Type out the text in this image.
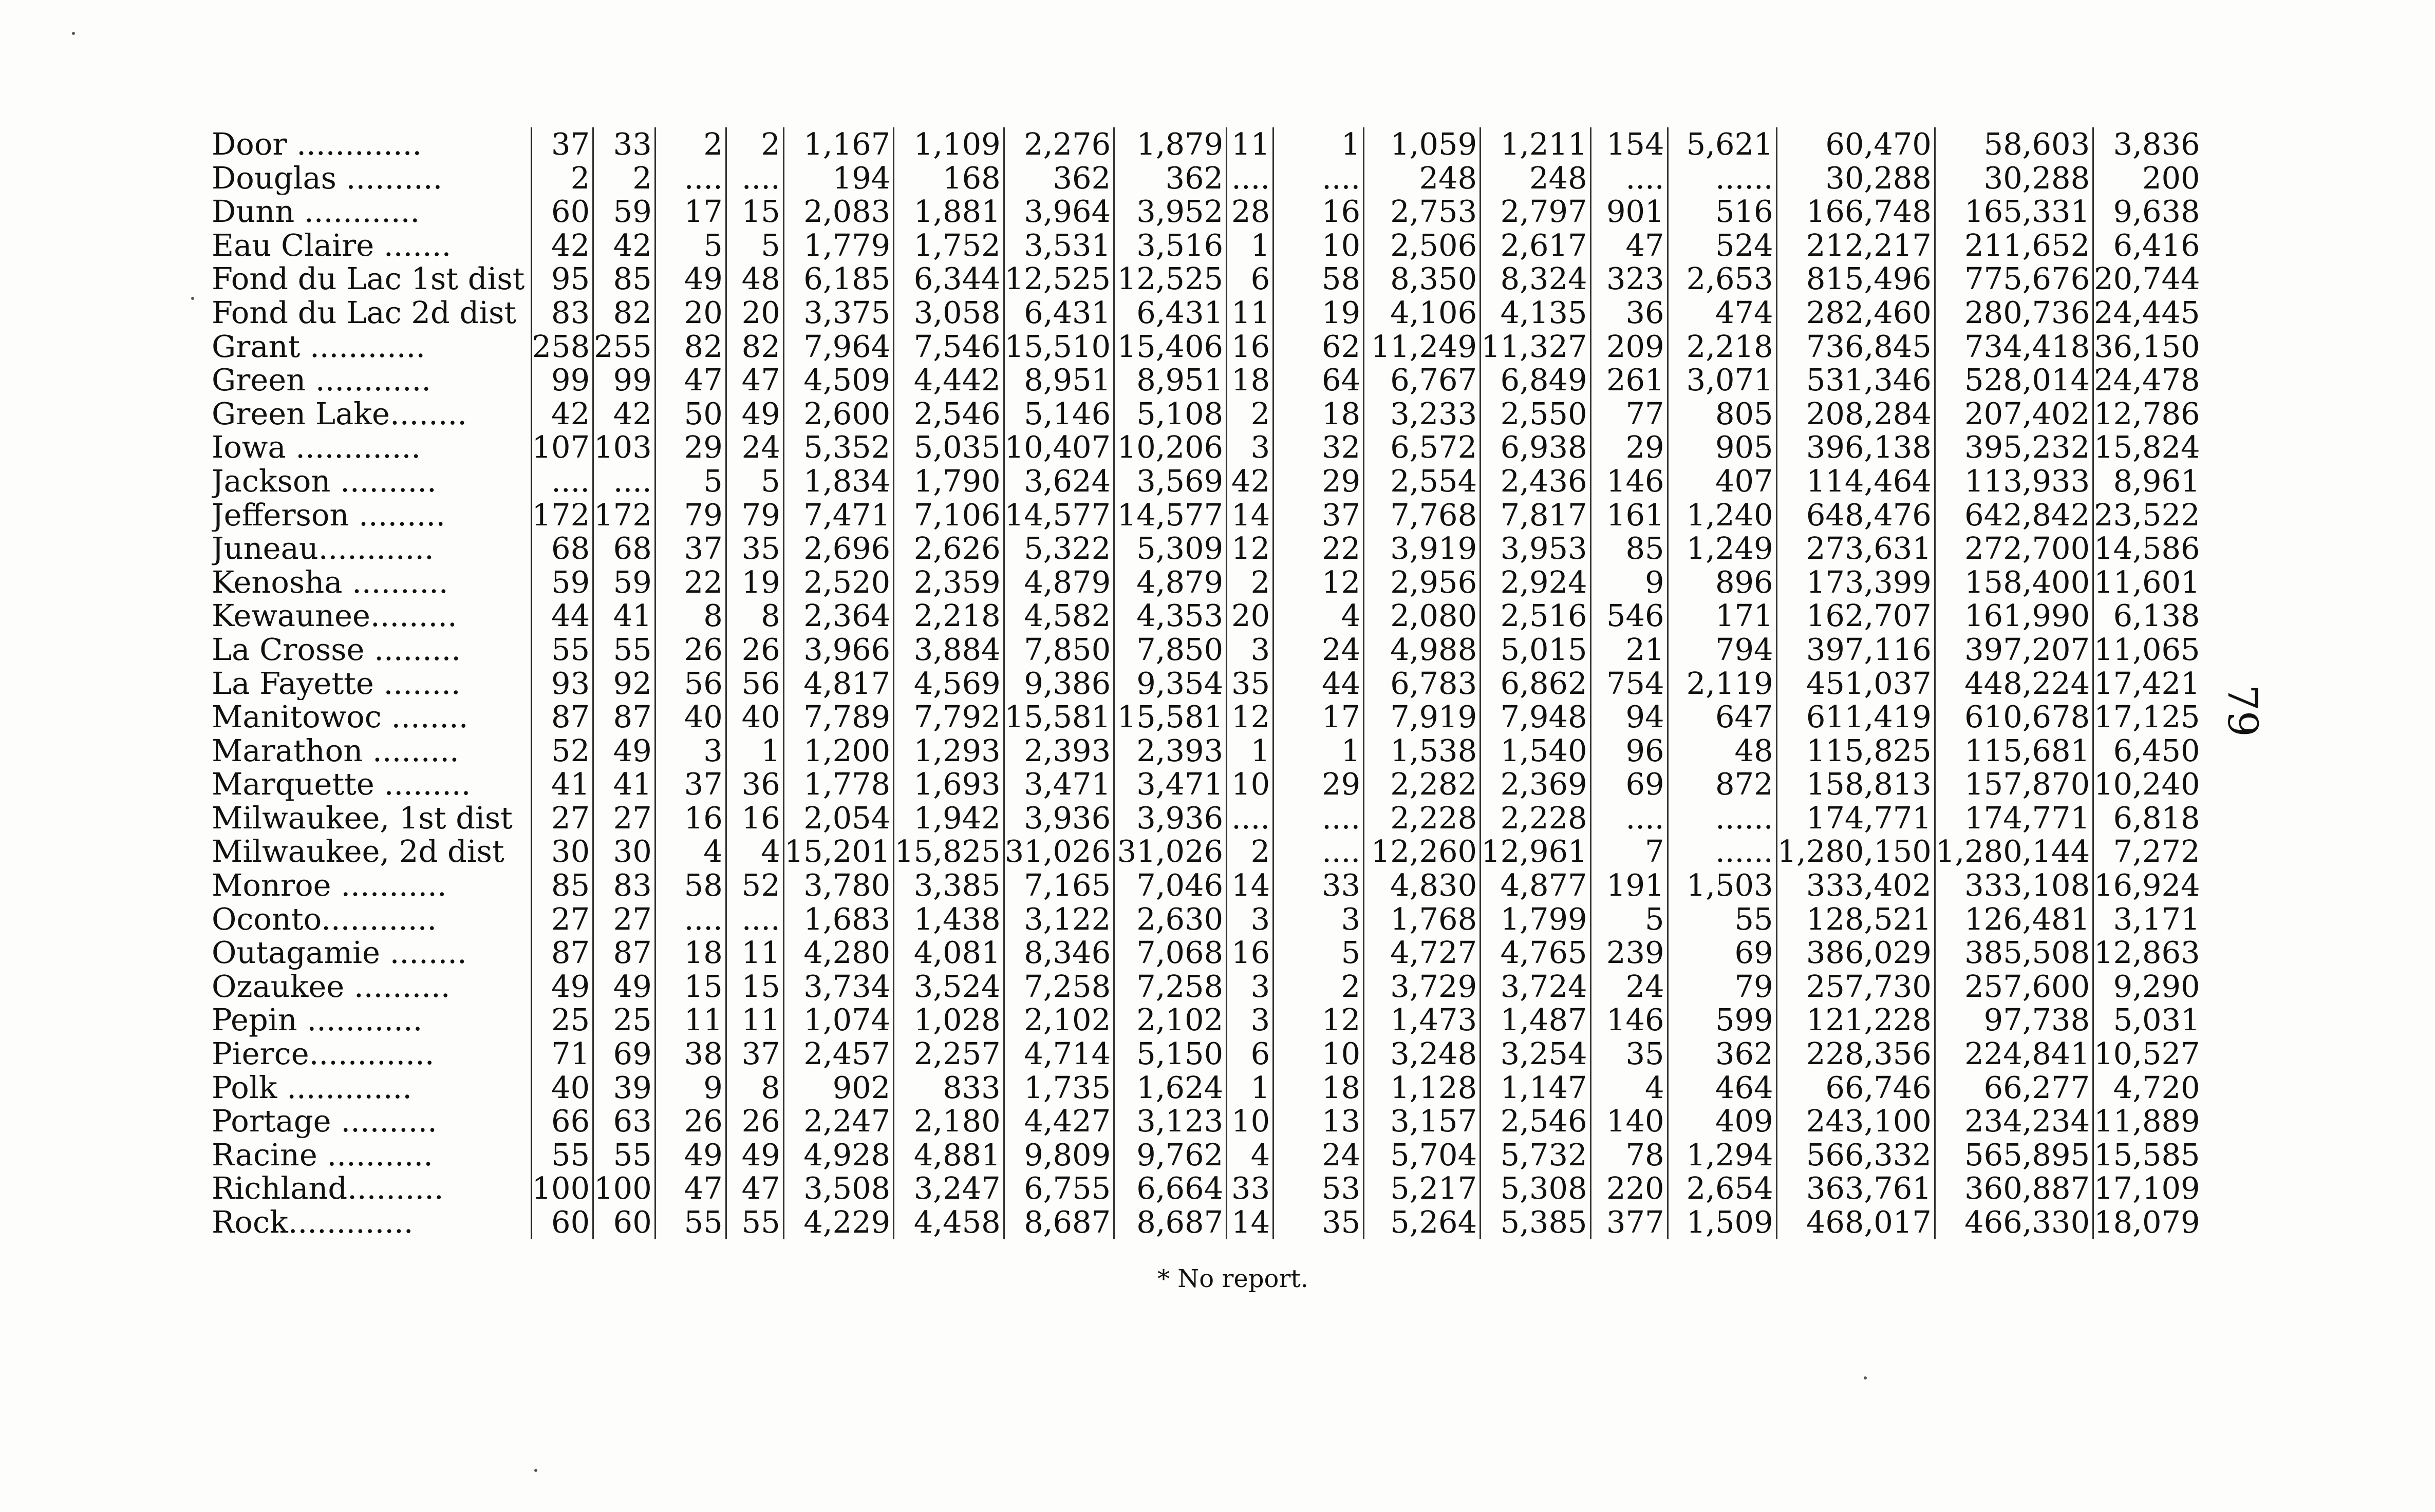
Door .............	37	33	2	2	1,167	1,109	2,276	1,879	11	1	1,059	1,211	154	5,621	60,470	58,603	3,836
Douglas ..........	2	2	....	....	194	168	362	362	....	....	248	248	....	......	30,288	30,288	200
Dunn ............	60	59	17	15	2,083	1,881	3,964	3,952	28	16	2,753	2,797	901	516	166,748	165,331	9,638
Eau Claire .......	42	42	5	5	1,779	1,752	3,531	3,516	1	10	2,506	2,617	47	524	212,217	211,652	6,416
Fond du Lac 1st dist	95	85	49	48	6,185	6,344	12,525	12,525	6	58	8,350	8,324	323	2,653	815,496	775,676	20,744
Fond du Lac 2d dist	83	82	20	20	3,375	3,058	6,431	6,431	11	19	4,106	4,135	36	474	282,460	280,736	24,445
Grant ............	258	255	82	82	7,964	7,546	15,510	15,406	16	62	11,249	11,327	209	2,218	736,845	734,418	36,150
Green ............	99	99	47	47	4,509	4,442	8,951	8,951	18	64	6,767	6,849	261	3,071	531,346	528,014	24,478
Green Lake........	42	42	50	49	2,600	2,546	5,146	5,108	2	18	3,233	2,550	77	805	208,284	207,402	12,786
Iowa .............	107	103	29	24	5,352	5,035	10,407	10,206	3	32	6,572	6,938	29	905	396,138	395,232	15,824
Jackson ..........	....	....	5	5	1,834	1,790	3,624	3,569	42	29	2,554	2,436	146	407	114,464	113,933	8,961
Jefferson .........	172	172	79	79	7,471	7,106	14,577	14,577	14	37	7,768	7,817	161	1,240	648,476	642,842	23,522
Juneau............	68	68	37	35	2,696	2,626	5,322	5,309	12	22	3,919	3,953	85	1,249	273,631	272,700	14,586
Kenosha ..........	59	59	22	19	2,520	2,359	4,879	4,879	2	12	2,956	2,924	9	896	173,399	158,400	11,601
Kewaunee.........	44	41	8	8	2,364	2,218	4,582	4,353	20	4	2,080	2,516	546	171	162,707	161,990	6,138
La Crosse .........	55	55	26	26	3,966	3,884	7,850	7,850	3	24	4,988	5,015	21	794	397,116	397,207	11,065
La Fayette ........	93	92	56	56	4,817	4,569	9,386	9,354	35	44	6,783	6,862	754	2,119	451,037	448,224	17,421
Manitowoc ........	87	87	40	40	7,789	7,792	15,581	15,581	12	17	7,919	7,948	94	647	611,419	610,678	17,125
Marathon .........	52	49	3	1	1,200	1,293	2,393	2,393	1	1	1,538	1,540	96	48	115,825	115,681	6,450
Marquette .........	41	41	37	36	1,778	1,693	3,471	3,471	10	29	2,282	2,369	69	872	158,813	157,870	10,240
Milwaukee, 1st dist	27	27	16	16	2,054	1,942	3,936	3,936	....	....	2,228	2,228	....	......	174,771	174,771	6,818
Milwaukee, 2d dist	30	30	4	4	15,201	15,825	31,026	31,026	2	....	12,260	12,961	7	......	1,280,150	1,280,144	7,272
Monroe ...........	85	83	58	52	3,780	3,385	7,165	7,046	14	33	4,830	4,877	191	1,503	333,402	333,108	16,924
Oconto............	27	27	....	....	1,683	1,438	3,122	2,630	3	3	1,768	1,799	5	55	128,521	126,481	3,171
Outagamie ........	87	87	18	11	4,280	4,081	8,346	7,068	16	5	4,727	4,765	239	69	386,029	385,508	12,863
Ozaukee ..........	49	49	15	15	3,734	3,524	7,258	7,258	3	2	3,729	3,724	24	79	257,730	257,600	9,290
Pepin ............	25	25	11	11	1,074	1,028	2,102	2,102	3	12	1,473	1,487	146	599	121,228	97,738	5,031
Pierce.............	71	69	38	37	2,457	2,257	4,714	5,150	6	10	3,248	3,254	35	362	228,356	224,841	10,527
Polk .............	40	39	9	8	902	833	1,735	1,624	1	18	1,128	1,147	4	464	66,746	66,277	4,720
Portage ..........	66	63	26	26	2,247	2,180	4,427	3,123	10	13	3,157	2,546	140	409	243,100	234,234	11,889
Racine ...........	55	55	49	49	4,928	4,881	9,809	9,762	4	24	5,704	5,732	78	1,294	566,332	565,895	15,585
Richland..........	100	100	47	47	3,508	3,247	6,755	6,664	33	53	5,217	5,308	220	2,654	363,761	360,887	17,109
Rock.............	60	60	55	55	4,229	4,458	8,687	8,687	14	35	5,264	5,385	377	1,509	468,017	466,330	18,079
* No report.
79
